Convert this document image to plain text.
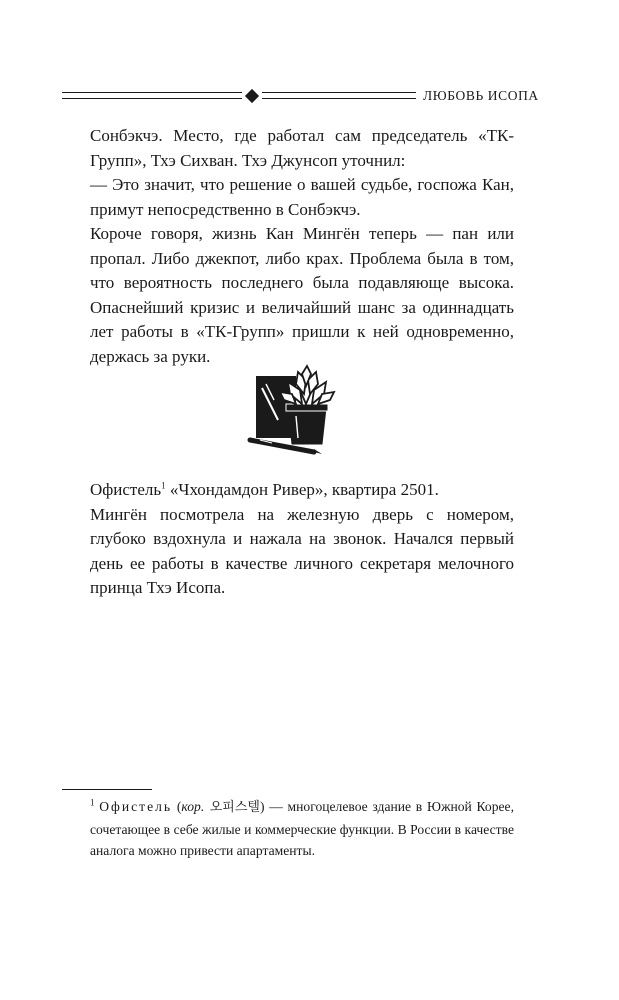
ЛЮБОВЬ ИСОПА

Сонбэкчэ. Место, где работал сам председатель «ТК-Групп», Тхэ Сихван. Тхэ Джунсоп уточнил:

— Это значит, что решение о вашей судьбе, госпожа Кан, примут непосредственно в Сонбэкчэ.

Короче говоря, жизнь Кан Мингён теперь — пан или пропал. Либо джекпот, либо крах. Проблема была в том, что вероятность последнего была подавляюще высока. Опаснейший кризис и величайший шанс за одиннадцать лет работы в «ТК-Групп» пришли к ней одновременно, держась за руки.

Офистель$^1$ «Чхондамдон Ривер», квартира 2501.

Мингён посмотрела на железную дверь с номером, глубоко вздохнула и нажала на звонок. Начался первый день ее работы в качестве личного секретаря мелочного принца Тхэ Исопа.

$^1$ Офистель (кор. 오피스텔) — многоцелевое здание в Южной Корее, сочетающее в себе жилые и коммерческие функции. В России в качестве аналога можно привести апартаменты.
